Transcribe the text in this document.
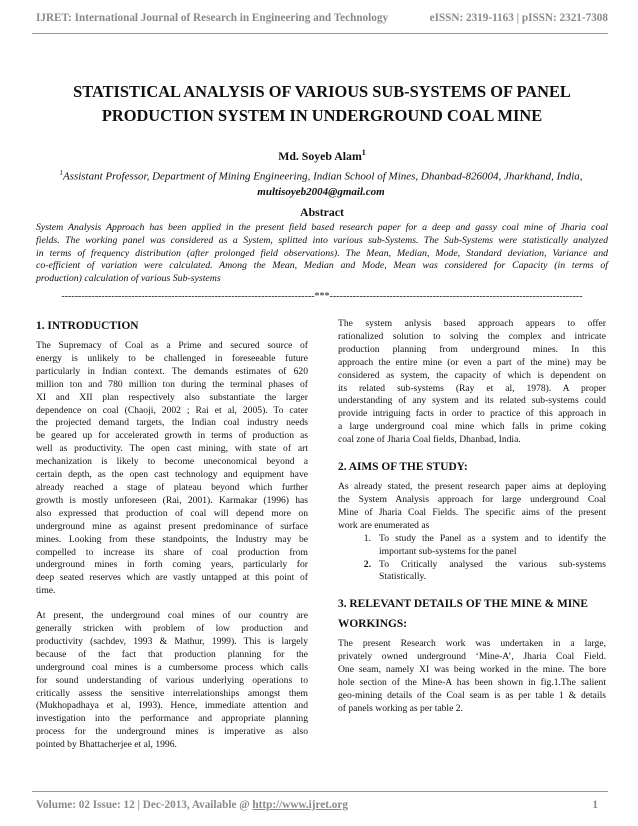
IJRET: International Journal of Research in Engineering and Technology	eISSN: 2319-1163 | pISSN: 2321-7308
STATISTICAL ANALYSIS OF VARIOUS SUB-SYSTEMS OF PANEL
PRODUCTION SYSTEM IN UNDERGROUND COAL MINE
Md. Soyeb Alam$^1$
$^1$Assistant Professor, Department of Mining Engineering, Indian School of Mines, Dhanbad-826004, Jharkhand, India,
multisoyeb2004@gmail.com
Abstract
System Analysis Approach has been applied in the present field based research paper for a deep and gassy coal mine of Jharia coal
fields. The working panel was considered as a System, splitted into various sub-Systems. The Sub-Systems were statistically analyzed
in terms of frequency distribution (after prolonged field observations). The Mean, Median, Mode, Standard deviation, Variance and
co-efficient of variation were calculated. Among the Mean, Median and Mode, Mean was considered for Capacity (in terms of
production) calculation of various Sub-systems
----------------------------------------------------------------------------***----------------------------------------------------------------------------
1. INTRODUCTION
The Supremacy of Coal as a Prime and secured source of
energy is unlikely to be challenged in foreseeable future
particularly in Indian context. The demands estimates of 620
million ton and 780 million ton during the terminal phases of
XI and XII plan respectively also substantiate the larger
dependence on coal (Chaoji, 2002 ; Rai et al, 2005). To cater
the projected demand targets, the Indian coal industry needs
be geared up for accelerated growth in terms of production as
well as productivity. The open cast mining, with state of art
mechanization is likely to become uneconomical beyond a
certain depth, as the open cast technology and equipment have
already reached a stage of plateau beyond which further
growth is mostly unforeseen (Rai, 2001). Karmakar (1996) has
also expressed that production of coal will depend more on
underground mine as against present predominance of surface
mines. Looking from these standpoints, the Industry may be
compelled to increase its share of coal production from
underground mines in forth coming years, particularly for
deep seated reserves which are vastly untapped at this point of
time.
At present, the underground coal mines of our country are
generally stricken with problem of low production and
productivity (sachdev, 1993 & Mathur, 1999). This is largely
because of the fact that production planning for the
underground coal mines is a cumbersome process which calls
for sound understanding of various underlying operations to
critically assess the sensitive interrelationships amongst them
(Mukhopadhaya et al, 1993). Hence, immediate attention and
investigation into the performance and appropriate planning
process for the underground mines is imperative as also
pointed by Bhattacherjee et al, 1996.
The system anlysis based approach appears to offer
rationalized solution to solving the complex and intricate
production planning from underground mines. In this
approach the entire mine (or even a part of the mine) may be
considered as system, the capacity of which is dependent on
its related sub-systems (Ray et al, 1978). A proper
understanding of any system and its related sub-systems could
provide intriguing facts in order to practice of this approach in
a large underground coal mine which falls in prime coking
coal zone of Jharia Coal fields, Dhanbad, India.
2. AIMS OF THE STUDY:
As already stated, the present research paper aims at deploying
the System Analysis approach for large underground Coal
Mine of Jharia Coal Fields. The specific aims of the present
work are enumerated as
1. To study the Panel as a system and to identify the
important sub-systems for the panel
2. To Critically analysed the various sub-systems
Statistically.
3. RELEVANT DETAILS OF THE MINE & MINE
WORKINGS:
The present Research work was undertaken in a large,
privately owned underground ‘Mine-A’, Jharia Coal Field.
One seam, namely XI was being worked in the mine. The bore
hole section of the Mine-A has been shown in fig.1.The salient
geo-mining details of the Coal seam is as per table 1 & details
of panels working as per table 2.
Volume: 02 Issue: 12 | Dec-2013, Available @ http://www.ijret.org	1
